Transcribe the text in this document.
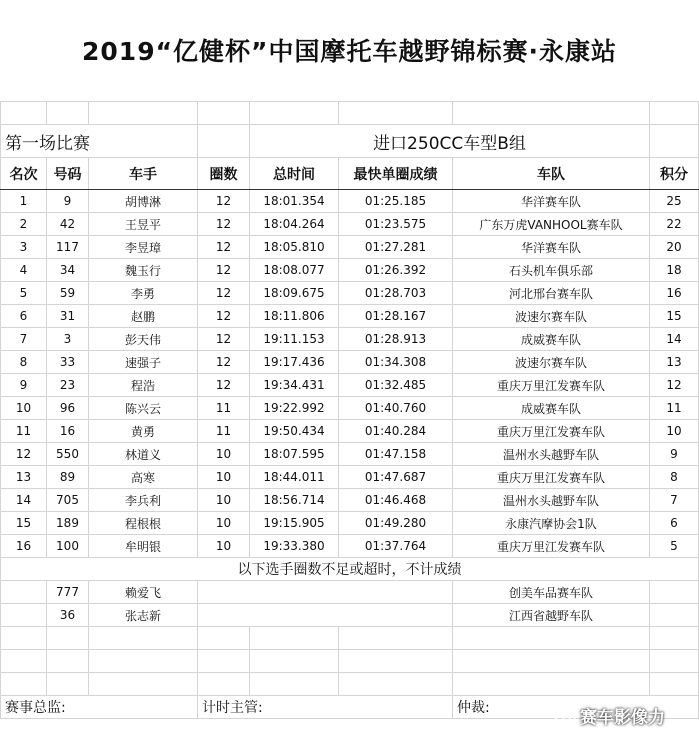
2019“亿健杯”中国摩托车越野锦标赛·永康站

第一场比赛				进口250CC车型B组			
名次	号码	车手	圈数	总时间	最快单圈成绩	车队	积分
1	9	胡博淋	12	18:01.354	01:25.185	华洋赛车队	25
2	42	王昱平	12	18:04.264	01:23.575	广东万虎VANHOOL赛车队	22
3	117	李昱璋	12	18:05.810	01:27.281	华洋赛车队	20
4	34	魏玉行	12	18:08.077	01:26.392	石头机车俱乐部	18
5	59	李勇	12	18:09.675	01:28.703	河北邢台赛车队	16
6	31	赵鹏	12	18:11.806	01:28.167	波速尔赛车队	15
7	3	彭天伟	12	19:11.153	01:28.913	成威赛车队	14
8	33	速强子	12	19:17.436	01:34.308	波速尔赛车队	13
9	23	程浩	12	19:34.431	01:32.485	重庆万里江发赛车队	12
10	96	陈兴云	11	19:22.992	01:40.760	成威赛车队	11
11	16	黄勇	11	19:50.434	01:40.284	重庆万里江发赛车队	10
12	550	林道义	10	18:07.595	01:47.158	温州水头越野车队	9
13	89	高寒	10	18:44.011	01:47.687	重庆万里江发赛车队	8
14	705	李兵利	10	18:56.714	01:46.468	温州水头越野车队	7
15	189	程根根	10	19:15.905	01:49.280	永康汽摩协会1队	6
16	100	牟明银	10	19:33.380	01:37.764	重庆万里江发赛车队	5
以下选手圈数不足或超时，不计成绩							
	777	赖爱飞				创美车品赛车队	
	36	张志新				江西省越野车队	

赛事总监:			计时主管:			仲裁:		赛车影像力
